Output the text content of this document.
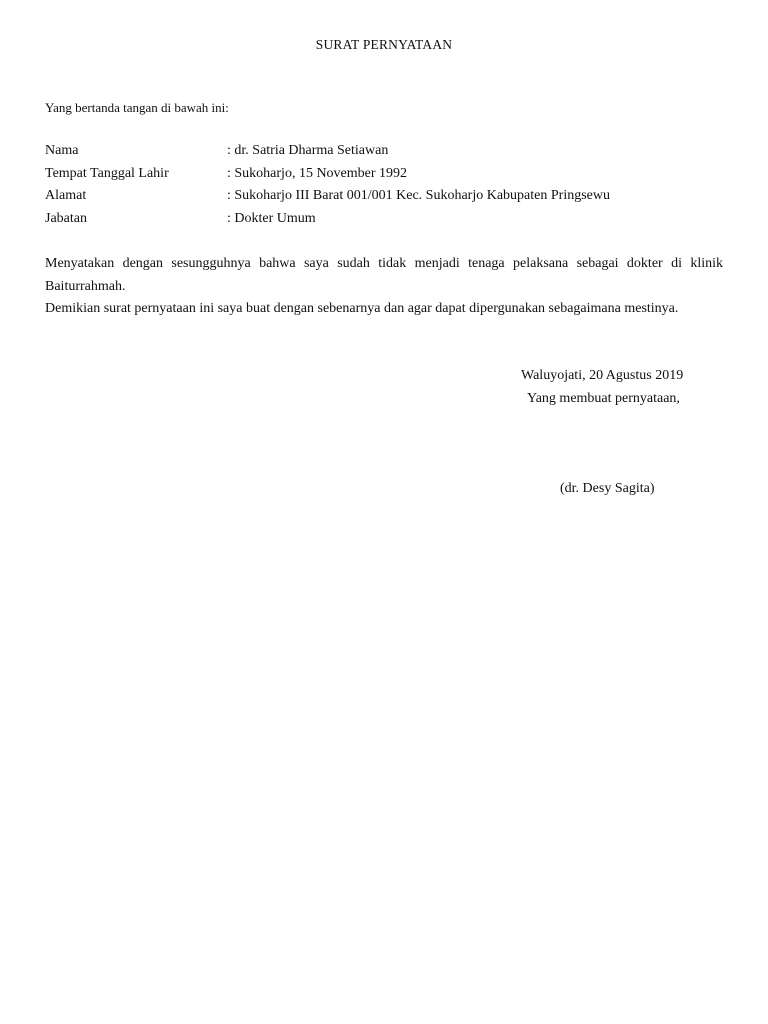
SURAT PERNYATAAN
Yang bertanda tangan di bawah ini:
Nama	: dr. Satria Dharma Setiawan
Tempat Tanggal Lahir	: Sukoharjo, 15 November 1992
Alamat	: Sukoharjo III Barat 001/001 Kec. Sukoharjo Kabupaten Pringsewu
Jabatan	: Dokter Umum

Menyatakan dengan sesungguhnya bahwa saya sudah tidak menjadi tenaga pelaksana sebagai dokter di klinik Baiturrahmah.

Demikian surat pernyataan ini saya buat dengan sebenarnya dan agar dapat dipergunakan sebagaimana mestinya.

Waluyojati, 20 Agustus 2019
Yang membuat pernyataan,
(dr. Desy Sagita)
